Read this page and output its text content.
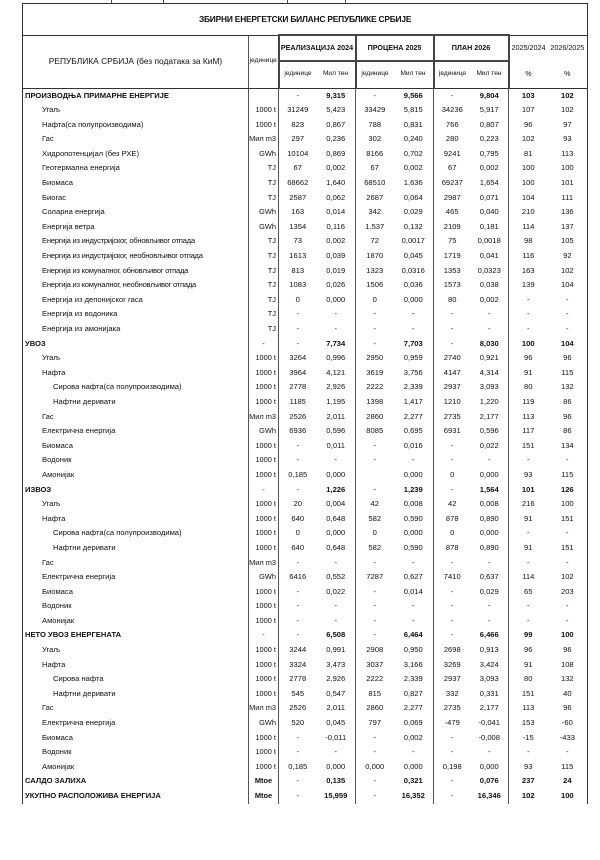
ЗБИРНИ ЕНЕРГЕТСКИ БИЛАНС РЕПУБЛИКЕ СРБИЈЕ									
РЕПУБЛИКА СРБИЈА (без података за КиМ)	јединице	РЕАЛИЗАЦИЈА 2024		ПРОЦЕНА 2025		ПЛАН 2026		2025/2024	2026/2025
		јединице	Мил тен	јединице	Мил тен	јединице	Мил тен	%	%
ПРОИЗВОДЊА ПРИМАРНЕ ЕНЕРГИЈЕ		-	9,315	-	9,566	-	9,804	103	102
Угаљ	1000 t	31249	5,423	33429	5,815	34236	5,917	107	102
Нафта(са полупроизводима)	1000 t	823	0,867	788	0,831	766	0,807	96	97
Гас	Мил m3	297	0,236	302	0,240	280	0,223	102	93
Хидропотенцијал (без РХЕ)	GWh	10104	0,869	8166	0,702	9241	0,795	81	113
Геотермална енергија	TJ	67	0,002	67	0,002	67	0,002	100	100
Биомаса	TJ	68662	1,640	68510	1,636	69237	1,654	100	101
Биогас	TJ	2587	0,062	2687	0,064	2987	0,071	104	111
Соларна енергија	GWh	163	0,014	342	0,029	465	0,040	210	136
Енергија ветра	GWh	1354	0,116	1.537	0,132	2109	0,181	114	137
Енергија из индустријског, обновљивог отпада	TJ	73	0,002	72	0,0017	75	0,0018	98	105
Енергија из индустријског, необновљивог отпада	TJ	1613	0,039	1870	0,045	1719	0,041	116	92
Енергија из комуналног, обновљивог отпада	TJ	813	0,019	1323	0,0316	1353	0,0323	163	102
Енергија из комуналног, необновљивог отпада	TJ	1083	0,026	1506	0,036	1573	0,038	139	104
Енергија из депонијског гаса	TJ	0	0,000	0	0,000	80	0,002	-	-
Енергија из водоника	TJ	-	-	-	-	-	-	-	-
Енергија из амонијака	TJ	-	-	-	-	-	-	-	-
УВОЗ	-	-	7,734	-	7,703	-	8,030	100	104
Угаљ	1000 t	3264	0,996	2950	0,959	2740	0,921	96	96
Нафта	1000 t	3964	4,121	3619	3,756	4147	4,314	91	115
Сирова нафта(са полупроизводима)	1000 t	2778	2,926	2222	2,339	2937	3,093	80	132
Нафтни деривати	1000 t	1185	1,195	1398	1,417	1210	1,220	119	86
Гас	Мил m3	2526	2,011	2860	2,277	2735	2,177	113	96
Електрична енергија	GWh	6936	0,596	8085	0,695	6931	0,596	117	86
Биомаса	1000 t	-	0,011	-	0,016	-	0,022	151	134
Водоник	1000 t	-	-	-	-	-	-	-	-
Амонијак	1000 t	0,185	0,000		0,000	0	0,000	93	115
ИЗВОЗ	-	-	1,226	-	1,239	-	1,564	101	126
Угаљ	1000 t	20	0,004	42	0,008	42	0,008	216	100
Нафта	1000 t	640	0,648	582	0,590	878	0,890	91	151
Сирова нафта(са полупроизводима)	1000 t	0	0,000	0	0,000	0	0,000	-	-
Нафтни деривати	1000 t	640	0,648	582	0,590	878	0,890	91	151
Гас	Мил m3	-	-	-	-	-	-	-	-
Електрична енергија	GWh	6416	0,552	7287	0,627	7410	0,637	114	102
Биомаса	1000 t	-	0,022	-	0,014	-	0,029	65	203
Водоник	1000 t	-	-	-	-	-	-	-	-
Амонијак	1000 t	-	-	-	-	-	-	-	-
НЕТО УВОЗ ЕНЕРГЕНАТА	-	-	6,508	-	6,464	-	6,466	99	100
Угаљ	1000 t	3244	0,991	2908	0,950	2698	0,913	96	96
Нафта	1000 t	3324	3,473	3037	3,166	3269	3,424	91	108
Сирова нафта	1000 t	2778	2,926	2222	2,339	2937	3,093	80	132
Нафтни деривати	1000 t	545	0,547	815	0,827	332	0,331	151	40
Гас	Мил m3	2526	2,011	2860	2,277	2735	2,177	113	96
Електрична енергија	GWh	520	0,045	797	0,069	-479	-0,041	153	-60
Биомаса	1000 t	-	-0,011	-	0,002	-	-0,008	-15	-433
Водоник	1000 t	-	-	-	-	-	-	-	-
Амонијак	1000 t	0,185	0,000	0,000	0,000	0,198	0,000	93	115
САЛДО ЗАЛИХА	Mtoe	-	0,135	-	0,321	-	0,076	237	24
УКУПНО РАСПОЛОЖИВА ЕНЕРГИЈА	Mtoe	-	15,959	-	16,352	-	16,346	102	100
